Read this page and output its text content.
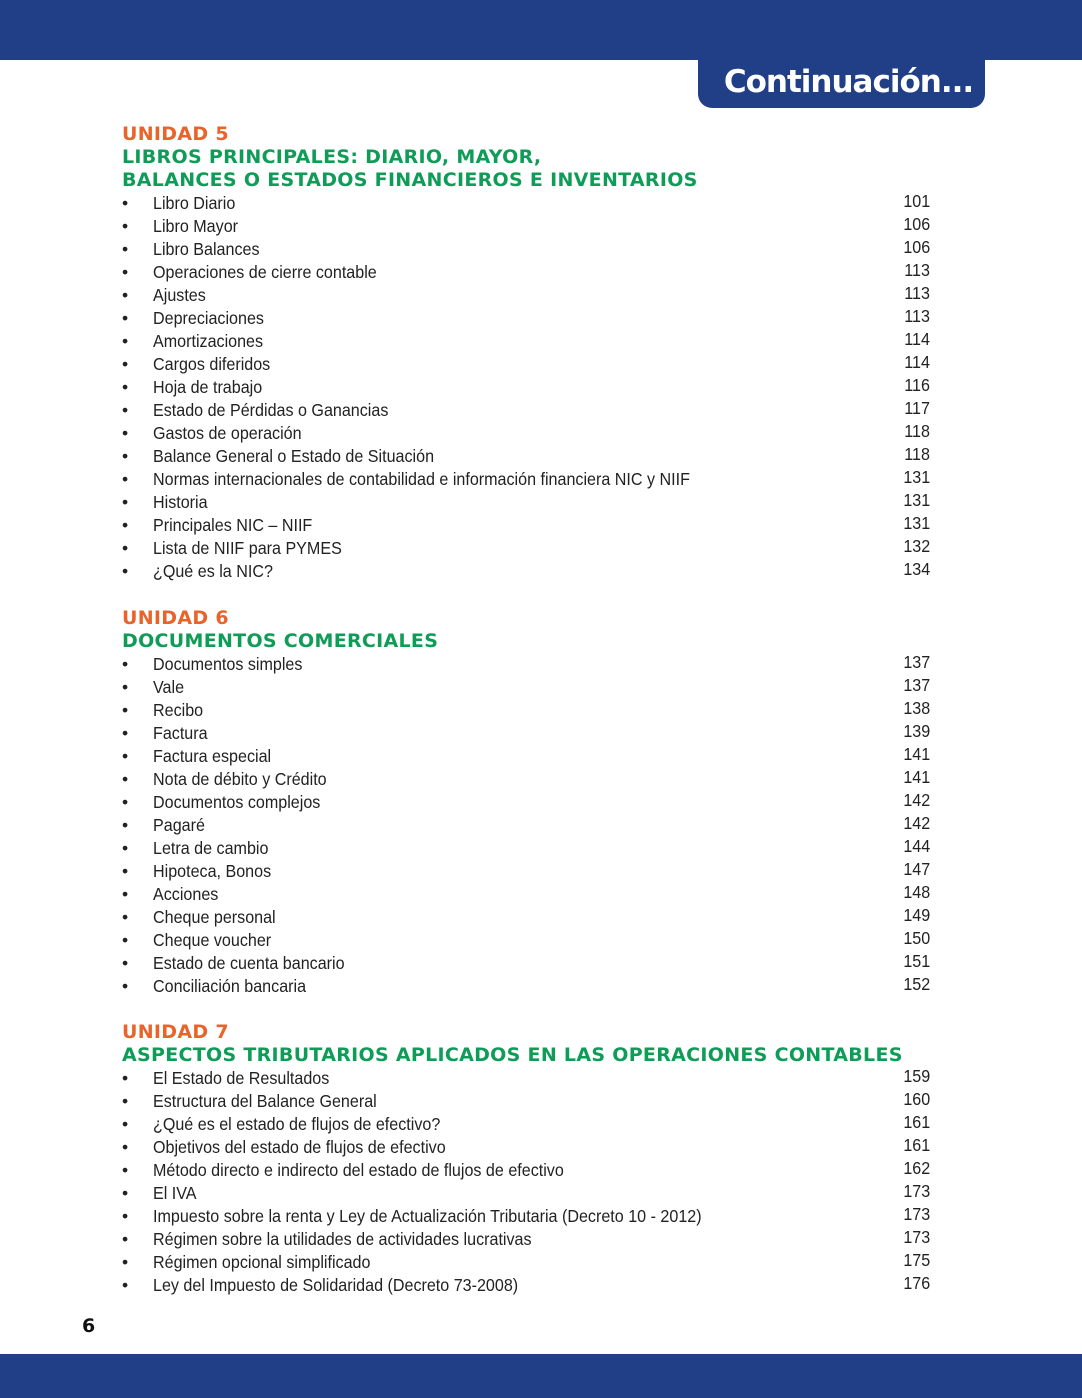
Continuación...
UNIDAD 5
LIBROS PRINCIPALES: DIARIO, MAYOR,
BALANCES O ESTADOS FINANCIEROS E INVENTARIOS
• Libro Diario	101
• Libro Mayor	106
• Libro Balances	106
• Operaciones de cierre contable	113
• Ajustes	113
• Depreciaciones	113
• Amortizaciones	114
• Cargos diferidos	114
• Hoja de trabajo	116
• Estado de Pérdidas o Ganancias	117
• Gastos de operación	118
• Balance General o Estado de Situación	118
• Normas internacionales de contabilidad e información financiera NIC y NIIF	131
• Historia	131
• Principales NIC – NIIF	131
• Lista de NIIF para PYMES	132
• ¿Qué es la NIC?	134
UNIDAD 6
DOCUMENTOS COMERCIALES
• Documentos simples	137
• Vale	137
• Recibo	138
• Factura	139
• Factura especial	141
• Nota de débito y Crédito	141
• Documentos complejos	142
• Pagaré	142
• Letra de cambio	144
• Hipoteca, Bonos	147
• Acciones	148
• Cheque personal	149
• Cheque voucher	150
• Estado de cuenta bancario	151
• Conciliación bancaria	152
UNIDAD 7
ASPECTOS TRIBUTARIOS APLICADOS EN LAS OPERACIONES CONTABLES
• El Estado de Resultados	159
• Estructura del Balance General	160
• ¿Qué es el estado de flujos de efectivo?	161
• Objetivos del estado de flujos de efectivo	161
• Método directo e indirecto del estado de flujos de efectivo	162
• El IVA	173
• Impuesto sobre la renta y Ley de Actualización Tributaria (Decreto 10 - 2012)	173
• Régimen sobre la utilidades de actividades lucrativas	173
• Régimen opcional simplificado	175
• Ley del Impuesto de Solidaridad (Decreto 73-2008)	176
6
